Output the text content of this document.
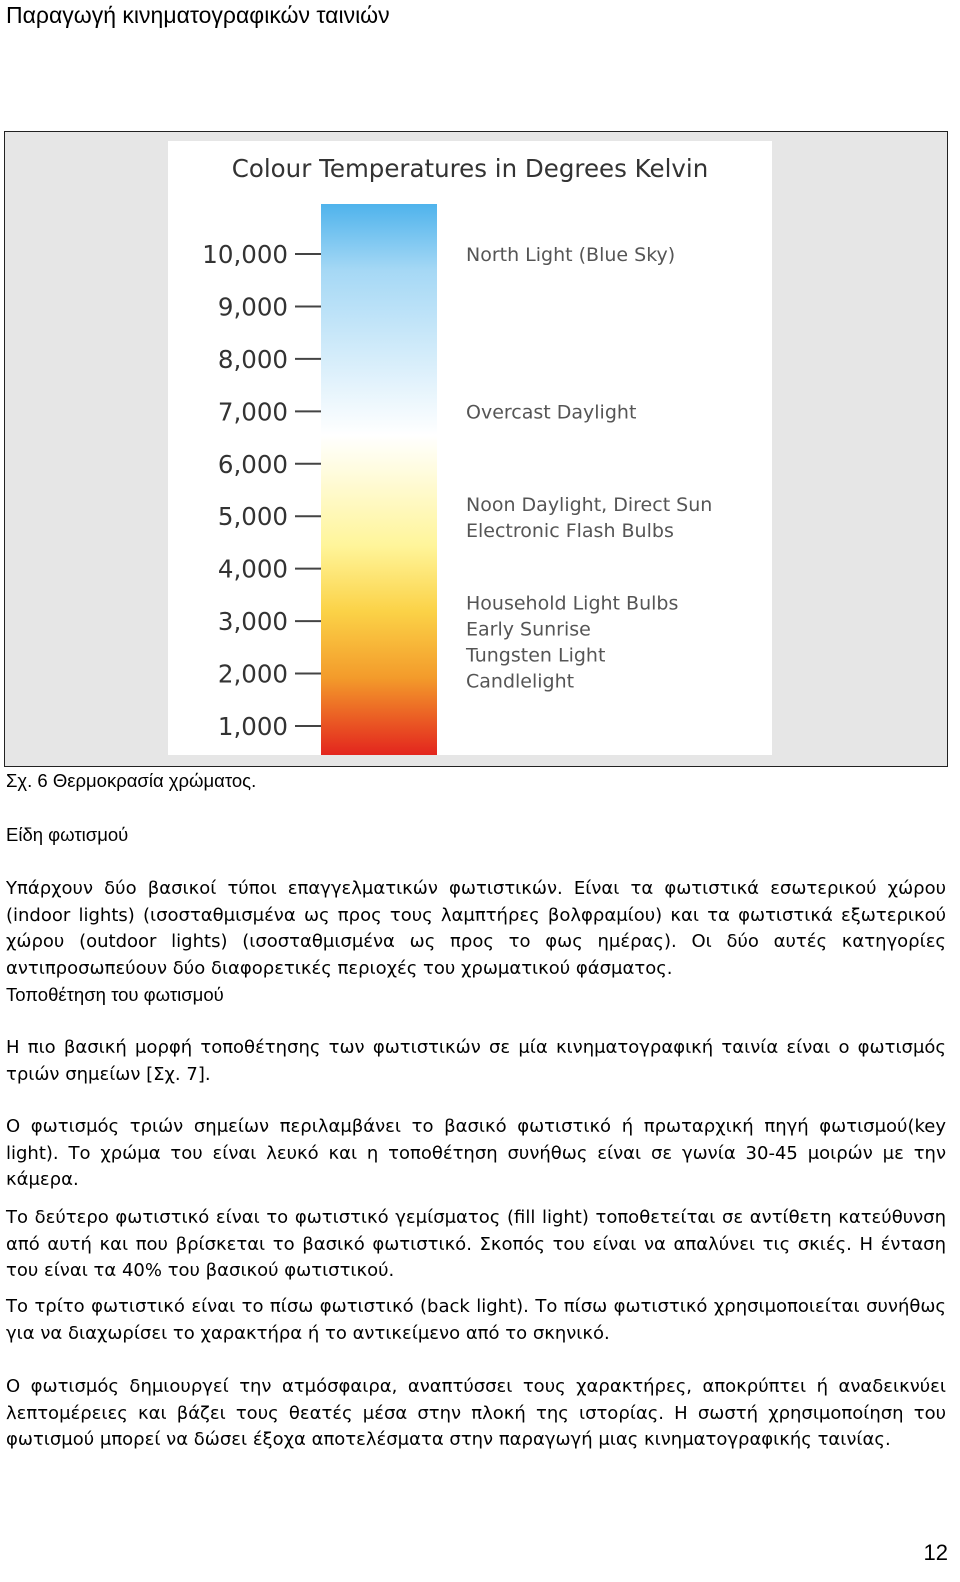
Παραγωγή κινηματογραφικών ταινιών
Colour Temperatures in Degrees Kelvin
10,000
9,000
8,000
7,000
6,000
5,000
4,000
3,000
2,000
1,000
North Light (Blue Sky)
Overcast Daylight
Noon Daylight, Direct Sun
Electronic Flash Bulbs
Household Light Bulbs
Early Sunrise
Tungsten Light
Candlelight
Σχ. 6 Θερμοκρασία χρώματος.
Είδη φωτισμού

Υπάρχουν δύο βασικοί τύποι επαγγελματικών φωτιστικών. Είναι τα φωτιστικά εσωτερικού χώρου (indoor lights) (ισοσταθμισμένα ως προς τους λαμπτήρες βολφραμίου) και τα φωτιστικά εξωτερικού χώρου (outdoor lights) (ισοσταθμισμένα ως προς το φως ημέρας). Οι δύο αυτές κατηγορίες αντιπροσωπεύουν δύο διαφορετικές περιοχές του χρωματικού φάσματος.

Τοποθέτηση του φωτισμού

Η πιο βασική μορφή τοποθέτησης των φωτιστικών σε μία κινηματογραφική ταινία είναι ο φωτισμός τριών σημείων [Σχ. 7].

Ο φωτισμός τριών σημείων περιλαμβάνει το βασικό φωτιστικό ή πρωταρχική πηγή φωτισμού(key light). Το χρώμα του είναι λευκό και η τοποθέτηση συνήθως είναι σε γωνία 30-45 μοιρών με την κάμερα.

Το δεύτερο φωτιστικό είναι το φωτιστικό γεμίσματος (fill light) τοποθετείται σε αντίθετη κατεύθυνση από αυτή και που βρίσκεται το βασικό φωτιστικό. Σκοπός του είναι να απαλύνει τις σκιές. Η ένταση του είναι τα 40% του βασικού φωτιστικού.

Το τρίτο φωτιστικό είναι το πίσω φωτιστικό (back light). Το πίσω φωτιστικό χρησιμοποιείται συνήθως για να διαχωρίσει το χαρακτήρα ή το αντικείμενο από το σκηνικό.

Ο φωτισμός δημιουργεί την ατμόσφαιρα, αναπτύσσει τους χαρακτήρες, αποκρύπτει ή αναδεικνύει λεπτομέρειες και βάζει τους θεατές μέσα στην πλοκή της ιστορίας. Η σωστή χρησιμοποίηση του φωτισμού μπορεί να δώσει έξοχα αποτελέσματα στην παραγωγή μιας κινηματογραφικής ταινίας.

12
